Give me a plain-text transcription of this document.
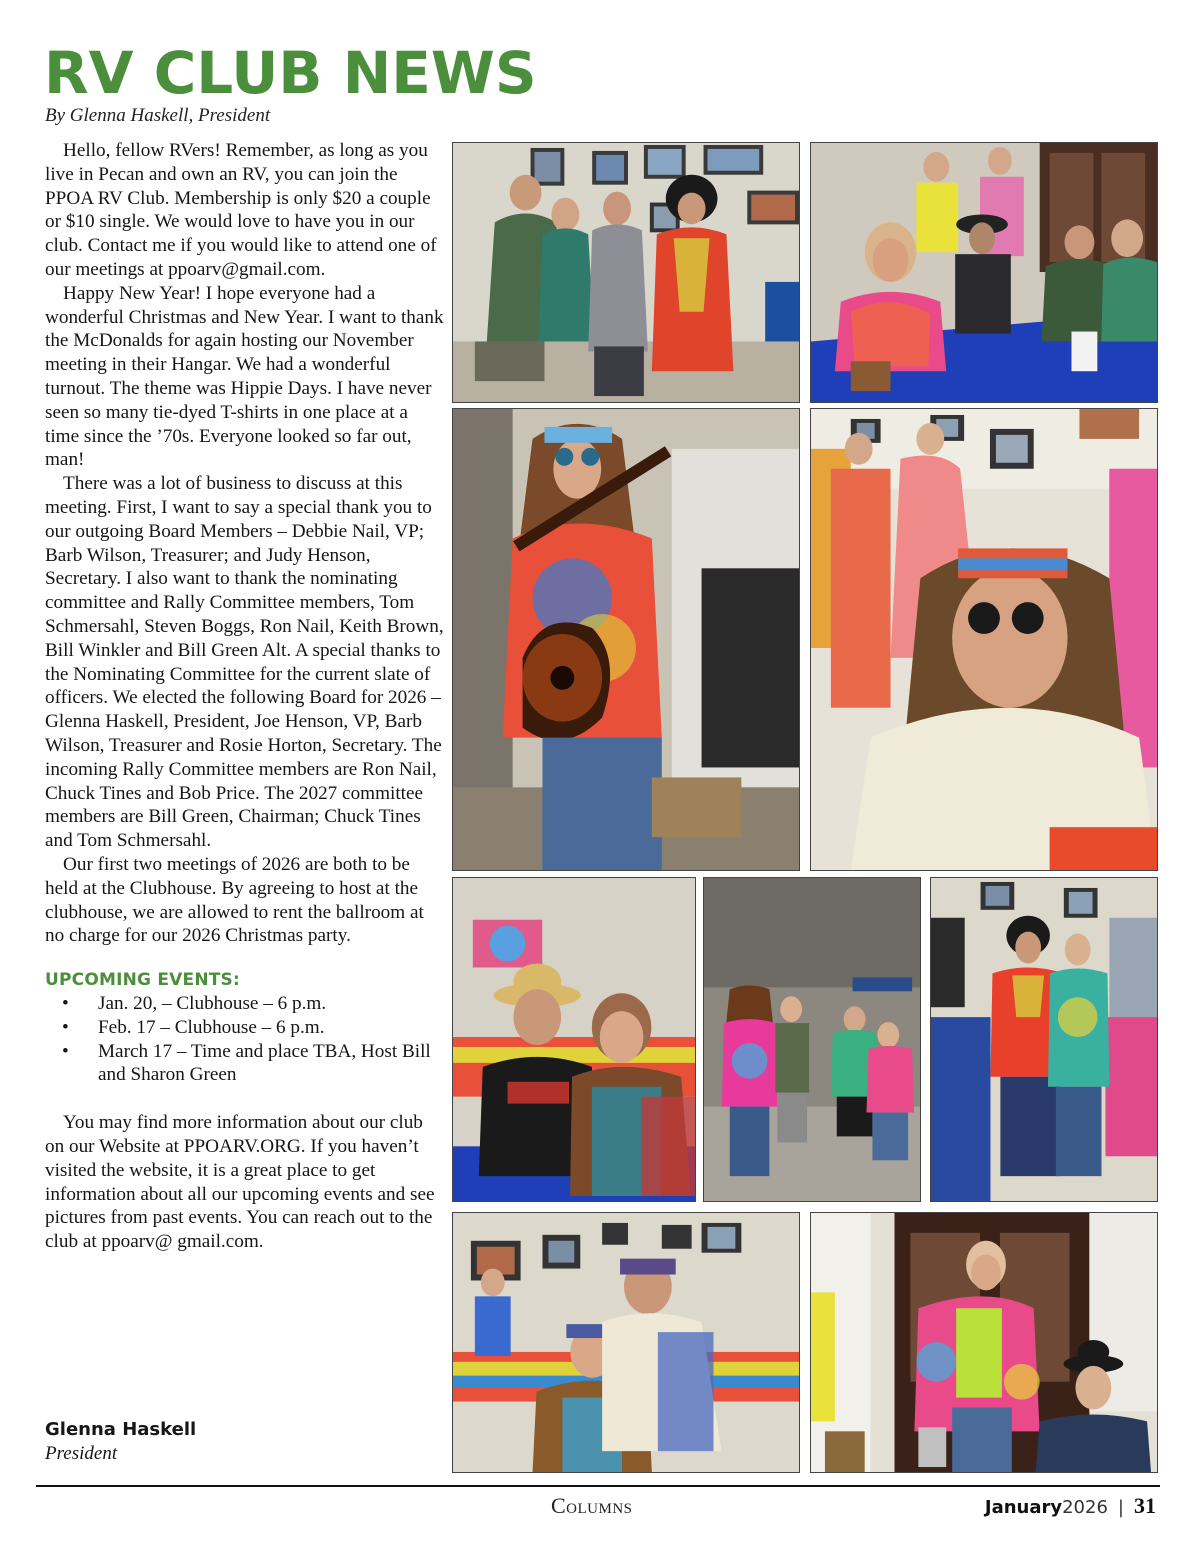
RV CLUB NEWS
By Glenna Haskell, President

Hello, fellow RVers! Remember, as long as you live in Pecan and own an RV, you can join the PPOA RV Club. Membership is only $20 a couple or $10 single. We would love to have you in our club. Contact me if you would like to attend one of our meetings at ppoarv@gmail.com.

Happy New Year! I hope everyone had a wonderful Christmas and New Year. I want to thank the McDonalds for again hosting our November meeting in their Hangar. We had a wonderful turnout. The theme was Hippie Days. I have never seen so many tie-dyed T-shirts in one place at a time since the ’70s. Everyone looked so far out, man!

There was a lot of business to discuss at this meeting. First, I want to say a special thank you to our outgoing Board Members – Debbie Nail, VP; Barb Wilson, Treasurer; and Judy Henson, Secretary. I also want to thank the nominating committee and Rally Committee members, Tom Schmersahl, Steven Boggs, Ron Nail, Keith Brown, Bill Winkler and Bill Green Alt. A special thanks to the Nominating Committee for the current slate of officers. We elected the following Board for 2026 – Glenna Haskell, President, Joe Henson, VP, Barb Wilson, Treasurer and Rosie Horton, Secretary. The incoming Rally Committee members are Ron Nail, Chuck Tines and Bob Price. The 2027 committee members are Bill Green, Chairman; Chuck Tines and Tom Schmersahl.

Our first two meetings of 2026 are both to be held at the Clubhouse. By agreeing to host at the clubhouse, we are allowed to rent the ballroom at no charge for our 2026 Christmas party.

UPCOMING EVENTS:
• Jan. 20, – Clubhouse – 6 p.m.
• Feb. 17 – Clubhouse – 6 p.m.
• March 17 – Time and place TBA, Host Bill and Sharon Green

You may find more information about our club on our Website at PPOARV.ORG. If you haven’t visited the website, it is a great place to get information about all our upcoming events and see pictures from past events. You can reach out to the club at ppoarv@ gmail.com.

Glenna Haskell
President
Columns	January2026 | 31
